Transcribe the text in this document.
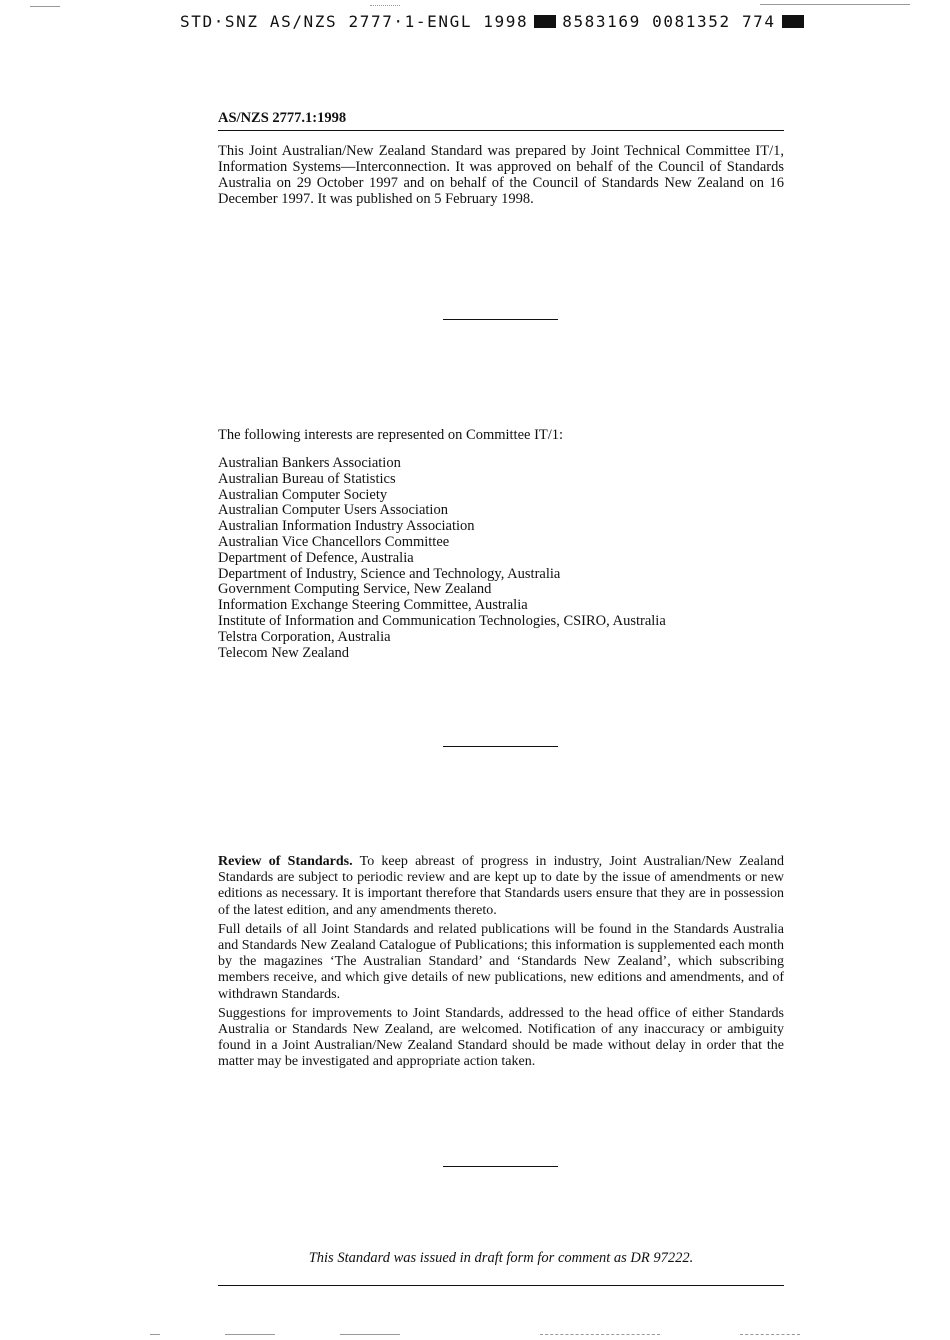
STD·SNZ AS/NZS 2777·1-ENGL 1998 8583169 0081352 774
AS/NZS 2777.1:1998

This Joint Australian/New Zealand Standard was prepared by Joint Technical Committee IT/1, Information Systems—Interconnection. It was approved on behalf of the Council of Standards Australia on 29 October 1997 and on behalf of the Council of Standards New Zealand on 16 December 1997. It was published on 5 February 1998.

The following interests are represented on Committee IT/1:

Australian Bankers Association
Australian Bureau of Statistics
Australian Computer Society
Australian Computer Users Association
Australian Information Industry Association
Australian Vice Chancellors Committee
Department of Defence, Australia
Department of Industry, Science and Technology, Australia
Government Computing Service, New Zealand
Information Exchange Steering Committee, Australia
Institute of Information and Communication Technologies, CSIRO, Australia
Telstra Corporation, Australia
Telecom New Zealand

Review of Standards. To keep abreast of progress in industry, Joint Australian/New Zealand Standards are subject to periodic review and are kept up to date by the issue of amendments or new editions as necessary. It is important therefore that Standards users ensure that they are in possession of the latest edition, and any amendments thereto.

Full details of all Joint Standards and related publications will be found in the Standards Australia and Standards New Zealand Catalogue of Publications; this information is supplemented each month by the magazines ‘The Australian Standard’ and ‘Standards New Zealand’, which subscribing members receive, and which give details of new publications, new editions and amendments, and of withdrawn Standards.

Suggestions for improvements to Joint Standards, addressed to the head office of either Standards Australia or Standards New Zealand, are welcomed. Notification of any inaccuracy or ambiguity found in a Joint Australian/New Zealand Standard should be made without delay in order that the matter may be investigated and appropriate action taken.

This Standard was issued in draft form for comment as DR 97222.
